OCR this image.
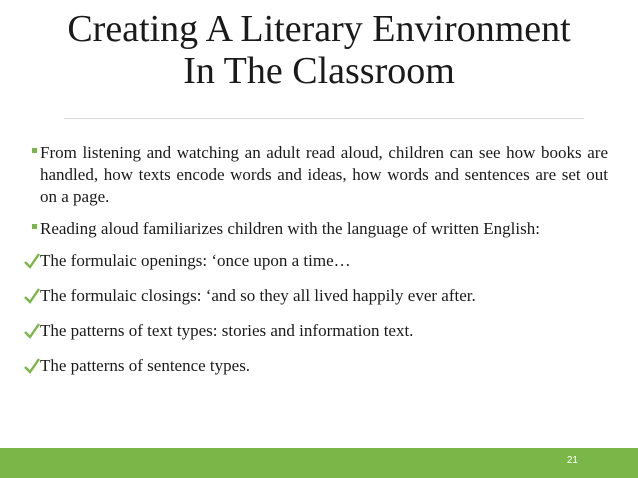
Creating A Literary Environment
In The Classroom
From listening and watching an adult read aloud, children can see how books are handled, how texts encode words and ideas, how words and sentences are set out on a page.
Reading aloud familiarizes children with the language of written English:
The formulaic openings: ‘once upon a time…
The formulaic closings: ‘and so they all lived happily ever after.
The patterns of text types: stories and information text.
The patterns of sentence types.
21
